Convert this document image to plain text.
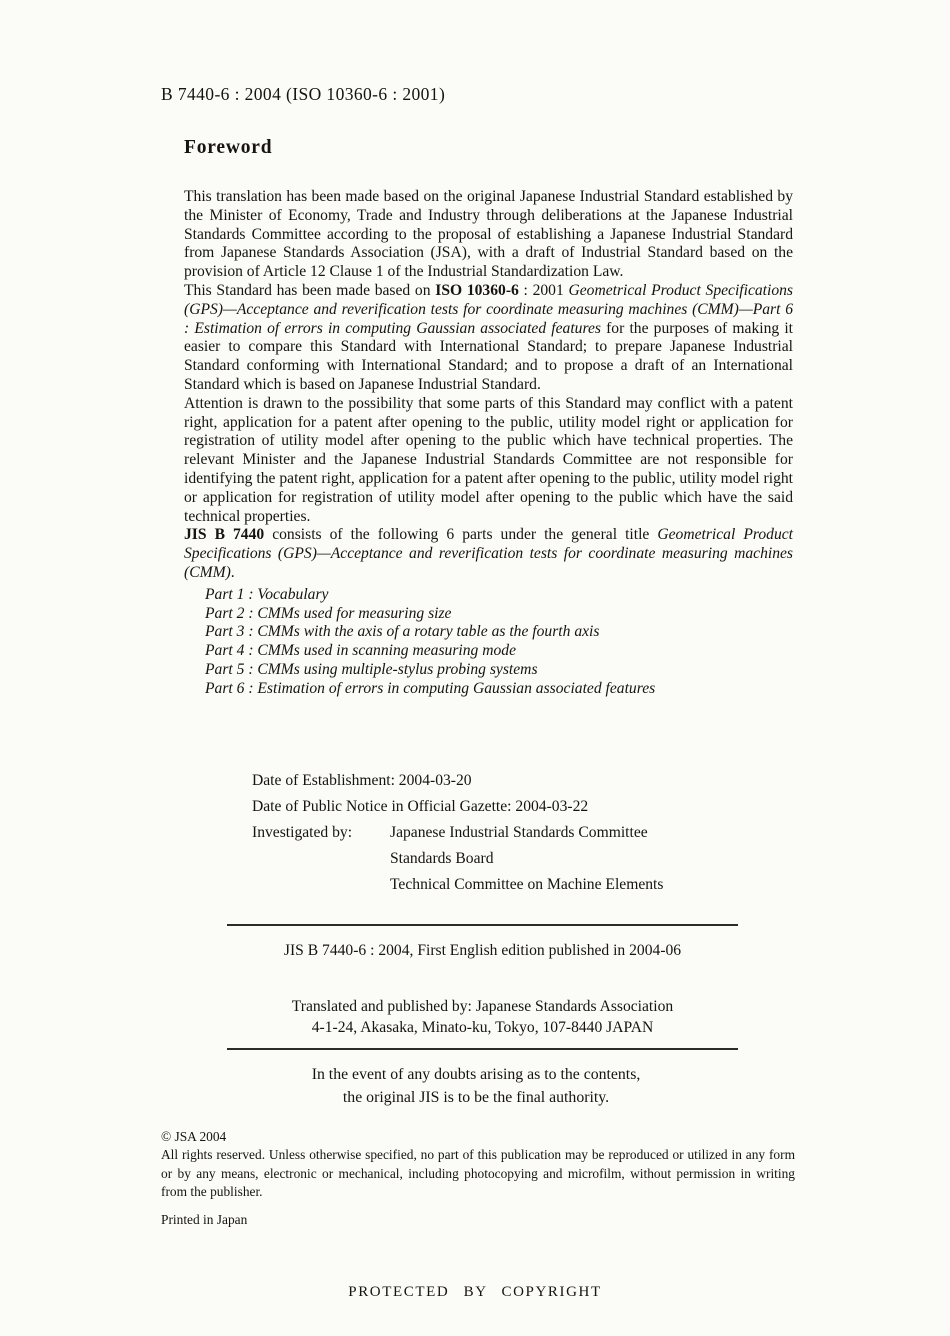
B 7440-6 : 2004 (ISO 10360-6 : 2001)
Foreword

This translation has been made based on the original Japanese Industrial Standard established by the Minister of Economy, Trade and Industry through deliberations at the Japanese Industrial Standards Committee according to the proposal of establishing a Japanese Industrial Standard from Japanese Standards Association (JSA), with a draft of Industrial Standard based on the provision of Article 12 Clause 1 of the Industrial Standardization Law.

This Standard has been made based on ISO 10360-6 : 2001 Geometrical Product Specifications (GPS)—Acceptance and reverification tests for coordinate measuring machines (CMM)—Part 6 : Estimation of errors in computing Gaussian associated features for the purposes of making it easier to compare this Standard with International Standard; to prepare Japanese Industrial Standard conforming with International Standard; and to propose a draft of an International Standard which is based on Japanese Industrial Standard.

Attention is drawn to the possibility that some parts of this Standard may conflict with a patent right, application for a patent after opening to the public, utility model right or application for registration of utility model after opening to the public which have technical properties. The relevant Minister and the Japanese Industrial Standards Committee are not responsible for identifying the patent right, application for a patent after opening to the public, utility model right or application for registration of utility model after opening to the public which have the said technical properties.

JIS B 7440 consists of the following 6 parts under the general title Geometrical Product Specifications (GPS)—Acceptance and reverification tests for coordinate measuring machines (CMM).

Part 1 : Vocabulary
Part 2 : CMMs used for measuring size
Part 3 : CMMs with the axis of a rotary table as the fourth axis
Part 4 : CMMs used in scanning measuring mode
Part 5 : CMMs using multiple-stylus probing systems
Part 6 : Estimation of errors in computing Gaussian associated features
Date of Establishment: 2004-03-20
Date of Public Notice in Official Gazette: 2004-03-22
Investigated by:	Japanese Industrial Standards Committee
Standards Board
Technical Committee on Machine Elements
JIS B 7440-6 : 2004, First English edition published in 2004-06
Translated and published by: Japanese Standards Association
4-1-24, Akasaka, Minato-ku, Tokyo, 107-8440 JAPAN
In the event of any doubts arising as to the contents,
the original JIS is to be the final authority.
© JSA 2004
All rights reserved. Unless otherwise specified, no part of this publication may be reproduced or utilized in any form or by any means, electronic or mechanical, including photocopying and microfilm, without permission in writing from the publisher.
Printed in Japan
PROTECTED BY COPYRIGHT
